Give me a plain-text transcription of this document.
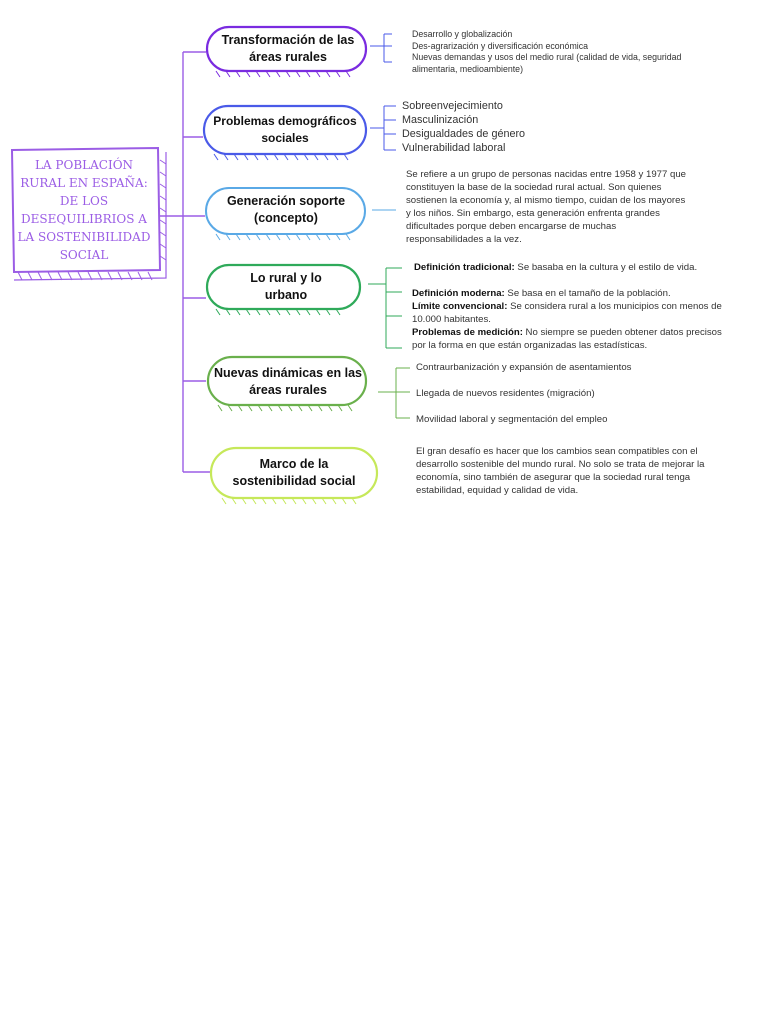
LA POBLACIÓN RURAL EN ESPAÑA: DE LOS DESEQUILIBRIOS A LA SOSTENIBILIDAD SOCIAL
Transformación de las áreas rurales
Problemas demográficos sociales
Generación soporte (concepto)
Lo rural y lo urbano
Nuevas dinámicas en las áreas rurales
Marco de la sostenibilidad social
Desarrollo y globalización
Des-agrarización y diversificación económica
Nuevas demandas y usos del medio rural (calidad de vida, seguridad alimentaria, medioambiente)
Sobreenvejecimiento
Masculinización
Desigualdades de género
Vulnerabilidad laboral
Se refiere a un grupo de personas nacidas entre 1958 y 1977 que constituyen la base de la sociedad rural actual. Son quienes sostienen la economía y, al mismo tiempo, cuidan de los mayores y los niños. Sin embargo, esta generación enfrenta grandes dificultades porque deben encargarse de muchas responsabilidades a la vez.
Definición tradicional: Se basaba en la cultura y el estilo de vida.
Definición moderna: Se basa en el tamaño de la población.
Límite convencional: Se considera rural a los municipios con menos de 10.000 habitantes.
Problemas de medición: No siempre se pueden obtener datos precisos por la forma en que están organizadas las estadísticas.
Contraurbanización y expansión de asentamientos
Llegada de nuevos residentes (migración)
Movilidad laboral y segmentación del empleo
El gran desafío es hacer que los cambios sean compatibles con el desarrollo sostenible del mundo rural. No solo se trata de mejorar la economía, sino también de asegurar que la sociedad rural tenga estabilidad, equidad y calidad de vida.
